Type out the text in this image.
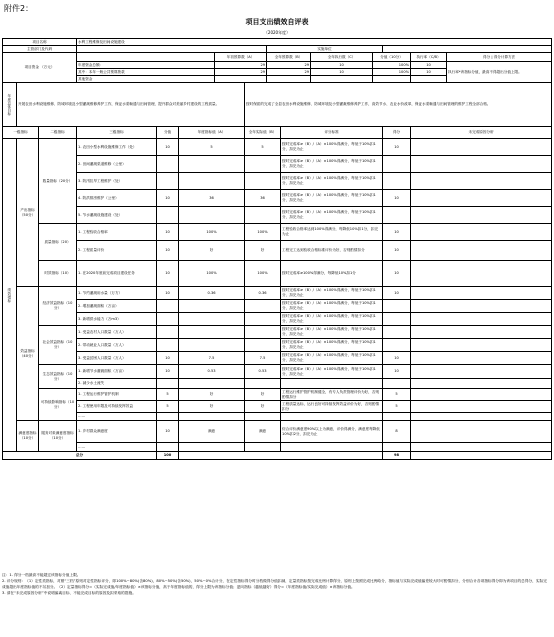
附件2：
项目支出绩效自评表
（2020年度）
项目名称			水利工程维修及田间设施建设											
主管部门及代码								实施单位						
项目资金 （万元）						年初预算数（A）		全年预算数（B）		全年执行数（C）	分值（10分）		执行率（C/B）	得分 | 得分计算方法
			年度资金总额：			29		29		10	100%		10	执行率*该指标分值，最高不得超出分值上限。
			其中：本年一般公共预算拨款			29		29		10	100%		10	
			其他资金											

年度总体目标	开展农田水利设施维修、防城环境及小型灌溉维修养护工作，保证水渠畅通与田间管理，提升群众对美丽乡村建设的工程质量。						按时保质的完成了全县农田水利设施维修、防城环境及小型灌溉维修养护工作，高效节水、农业水价改革，保证水渠畅通与田间管理的维护工程全部合格。							
一级指标		二级指标	三级指标	分值	年度指标值（A）		全年实际值（B）		评分标准			得分	未完成原因分析	

绩效指标	产出指标（50分）	数量指标（20分）	1. 农田小型水利设施维修工作（处）	10	5		5		按时完成率≥（B）/（A）×100%得满分，每低于10%扣1分，扣完为止			10		
			2. 田间灌溉渠道维修（公里）						按时完成率≥（B）/（A）×100%得满分，每低于10%扣1分，扣完为止					
			3. 防汛抗旱工程维护（处）						按时完成率≥（B）/（A）×100%得满分，每低于10%扣1分，扣完为止					
			4. 防洪排涝维护（公里）	10	36		36		按时完成率≥（B）/（A）×100%得满分，每低于10%扣1分，扣完为止			10		
			5. 节水灌溉设施建设（处）						按时完成率≥（B）/（A）×100%得满分，每低于10%扣1分，扣完为止					
		质量指标（20）	1. 工程验收合格率	10	100%		100%		工程验收合格率达到100%得满分，每降低10%扣1分，扣完为止			10		
			2. 工程质量评价	10	好		好		工程完工达到验收合格标准评价为好，否则酌情扣分			10		
		时效指标（10）	1. 在2020年底前完成项目建设任务	10	100%		100%		按时完成率≥100%得满分，每降低10%扣1分			10		
	效益指标（40分）	经济效益指标（10分）	1. 节约灌溉用水量（万方）	10	0.36		0.36		按时完成率≥（B）/（A）×100%得满分，每低于10%扣1分，扣完为止			10		
			2. 增加灌溉面积（万亩）						按时完成率≥（B）/（A）×100%得满分，每低于10%扣1分，扣完为止					
			3. 新增供水能力（万m3）						按时完成率≥（B）/（A）×100%得满分，每低于10%扣1分，扣完为止					
		社会效益指标（10分）	1. 受益农村人口数量（万人）						按时完成率≥（B）/（A）×100%得满分，每低于10%扣1分，扣完为止					
			2. 带动就业人口数量（万人）						按时完成率≥（B）/（A）×100%得满分，每低于10%扣1分，扣完为止					
			3. 受益贫困人口数量（万人）	10	7.5		7.5		按时完成率≥（B）/（A）×100%得满分，每低于10%扣1分，扣完为止			10		
		生态效益指标（10分）	1. 新增节水灌溉面积（万亩）	10	0.53		0.53		按时完成率≥（B）/（A）×100%得满分，每低于10%扣1分，扣完为止			10		
			2. 减少水土流失											
		可持续影响指标（10分）	1. 工程运行维护管护机制	5	好		好		工程运行维护管护机制健全，有专人负责管理评价为好，否则酌情扣分			5		
			2. 工程使用年限及可持续发挥效益	5	好		好		工程质量达标，运行良好可持续发挥效益评价为好，否则酌情扣分			5		
			……											
	满意度指标（10分）	服务对象满意度指标（10分）	1. 乡村群众满意度	10	满意		满意		综合评价满意度90%以上为满意，评价得满分，满意度每降低10%扣2分，扣完为止			8		
			……											
总分				100								98		

注：1. 得分一档最高不能超过该指标分值上限。

2. 评分规则：（1）定性类指标，对照“三档”原则对定性指标评分，即100%~80%(含80%)，80%~50%(含50%)，50%~0%合计分，在定性指标得分时分档做得分值扣减，定量类指标按完成比例计算得分，原则上按照完成比例给分，指标值与实际完成值偏差较大时可酌情扣分，分别合计各项指标得分即为该项目的总得分，实际完成值超出年度指标值的不另加分。（2）定量指标得分=（实际完成值/年度指标值）×该指标分值，高于年度指标值的，得分上限为该指标分值；逆向指标（越低越好）得分=（年度指标值/实际完成值）×该指标分值。

3. 请在“未完成原因分析”中说明偏离目标、不能完成目标的原因及拟采取的措施。
